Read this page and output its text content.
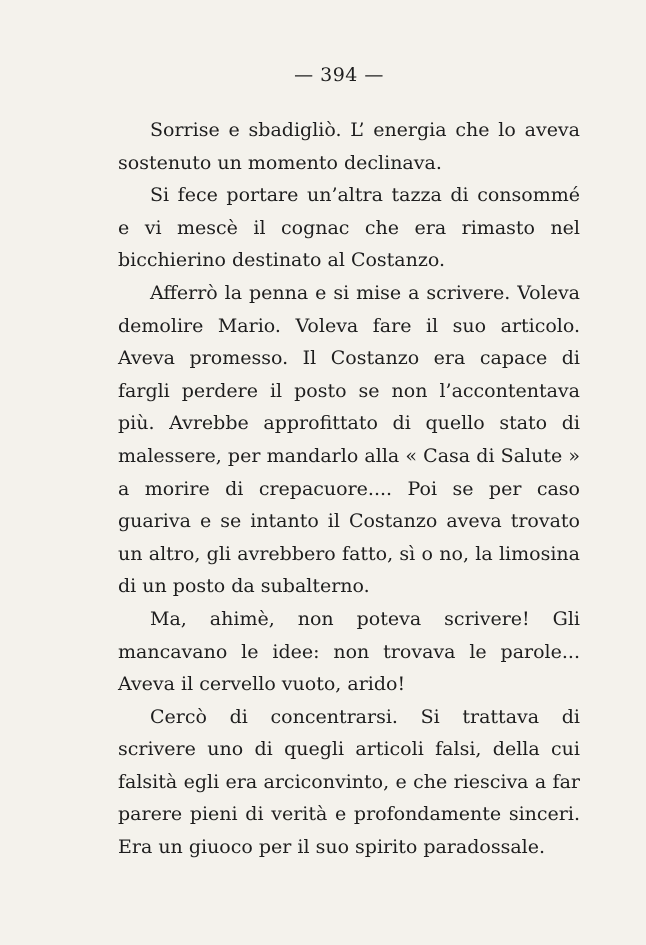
— 394 —

Sorrise e sbadigliò. L’ energia che lo aveva sostenuto un momento declinava.

Si fece portare un’altra tazza di consommé e vi mescè il cognac che era rimasto nel bicchierino destinato al Costanzo.

Afferrò la penna e si mise a scrivere. Voleva demolire Mario. Voleva fare il suo articolo. Aveva promesso. Il Costanzo era capace di fargli perdere il posto se non l’accontentava più. Avrebbe approfittato di quello stato di malessere, per mandarlo alla « Casa di Salute » a morire di crepacuore.... Poi se per caso guariva e se intanto il Costanzo aveva trovato un altro, gli avrebbero fatto, sì o no, la limosina di un posto da subalterno.

Ma, ahimè, non poteva scrivere! Gli mancavano le idee: non trovava le parole... Aveva il cervello vuoto, arido!

Cercò di concentrarsi. Si trattava di scrivere uno di quegli articoli falsi, della cui falsità egli era arciconvinto, e che riesciva a far parere pieni di verità e profondamente sinceri. Era un giuoco per il suo spirito paradossale.
